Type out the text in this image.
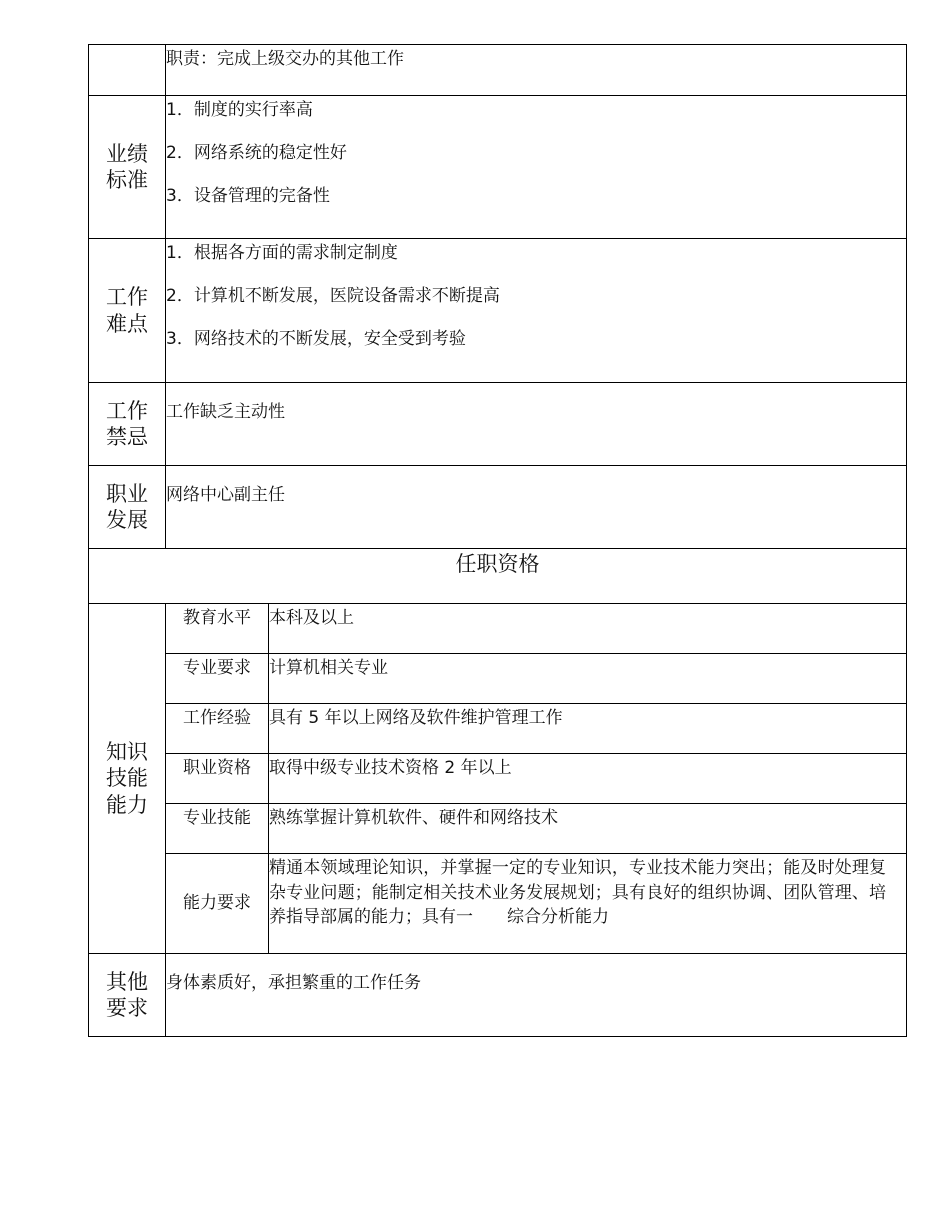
	职责：完成上级交办的其他工作	

业绩
标准	1．制度的实行率高
2．网络系统的稳定性好
3．设备管理的完备性	

工作
难点	1．根据各方面的需求制定制度
2．计算机不断发展，医院设备需求不断提高
3．网络技术的不断发展，安全受到考验	

工作
禁忌	工作缺乏主动性	

职业
发展	网络中心副主任	
任职资格		

知识
技能
能力	教育水平	本科及以上
	专业要求	计算机相关专业
	工作经验	具有 5 年以上网络及软件维护管理工作
	职业资格	取得中级专业技术资格 2 年以上
	专业技能	熟练掌握计算机软件、硬件和网络技术
	能力要求	精通本领域理论知识，并掌握一定的专业知识，专业技术能力突出；能及时处理复杂专业问题；能制定相关技术业务发展规划；具有良好的组织协调、团队管理、培养指导部属的能力；具有一　　综合分析能力

其他
要求	身体素质好，承担繁重的工作任务	
